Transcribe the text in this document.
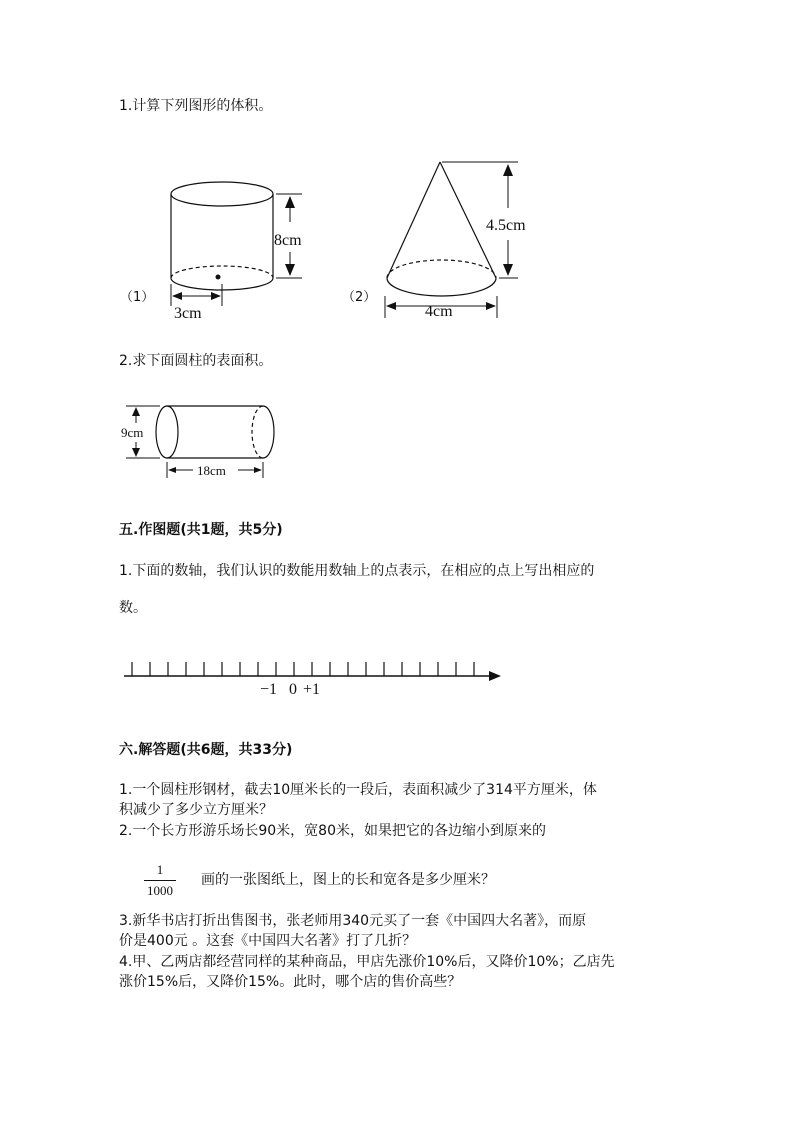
1.计算下列图形的体积。
8cm
3cm
（1）
4.5cm
4cm
（2）
9cm
18cm
−1 0 +1
2.求下面圆柱的表面积。
五.作图题(共1题，共5分)
1.下面的数轴，我们认识的数能用数轴上的点表示，在相应的点上写出相应的
数。
六.解答题(共6题，共33分)
1.一个圆柱形钢材，截去10厘米长的一段后，表面积减少了314平方厘米，体
积减少了多少立方厘米？
2.一个长方形游乐场长90米，宽80米，如果把它的各边缩小到原来的
1
1000
画的一张图纸上，图上的长和宽各是多少厘米？
3.新华书店打折出售图书，张老师用340元买了一套《中国四大名著》，而原
价是400元 。这套《中国四大名著》打了几折？
4.甲、乙两店都经营同样的某种商品，甲店先涨价10%后，又降价10%；乙店先
涨价15%后，又降价15%。此时，哪个店的售价高些？
